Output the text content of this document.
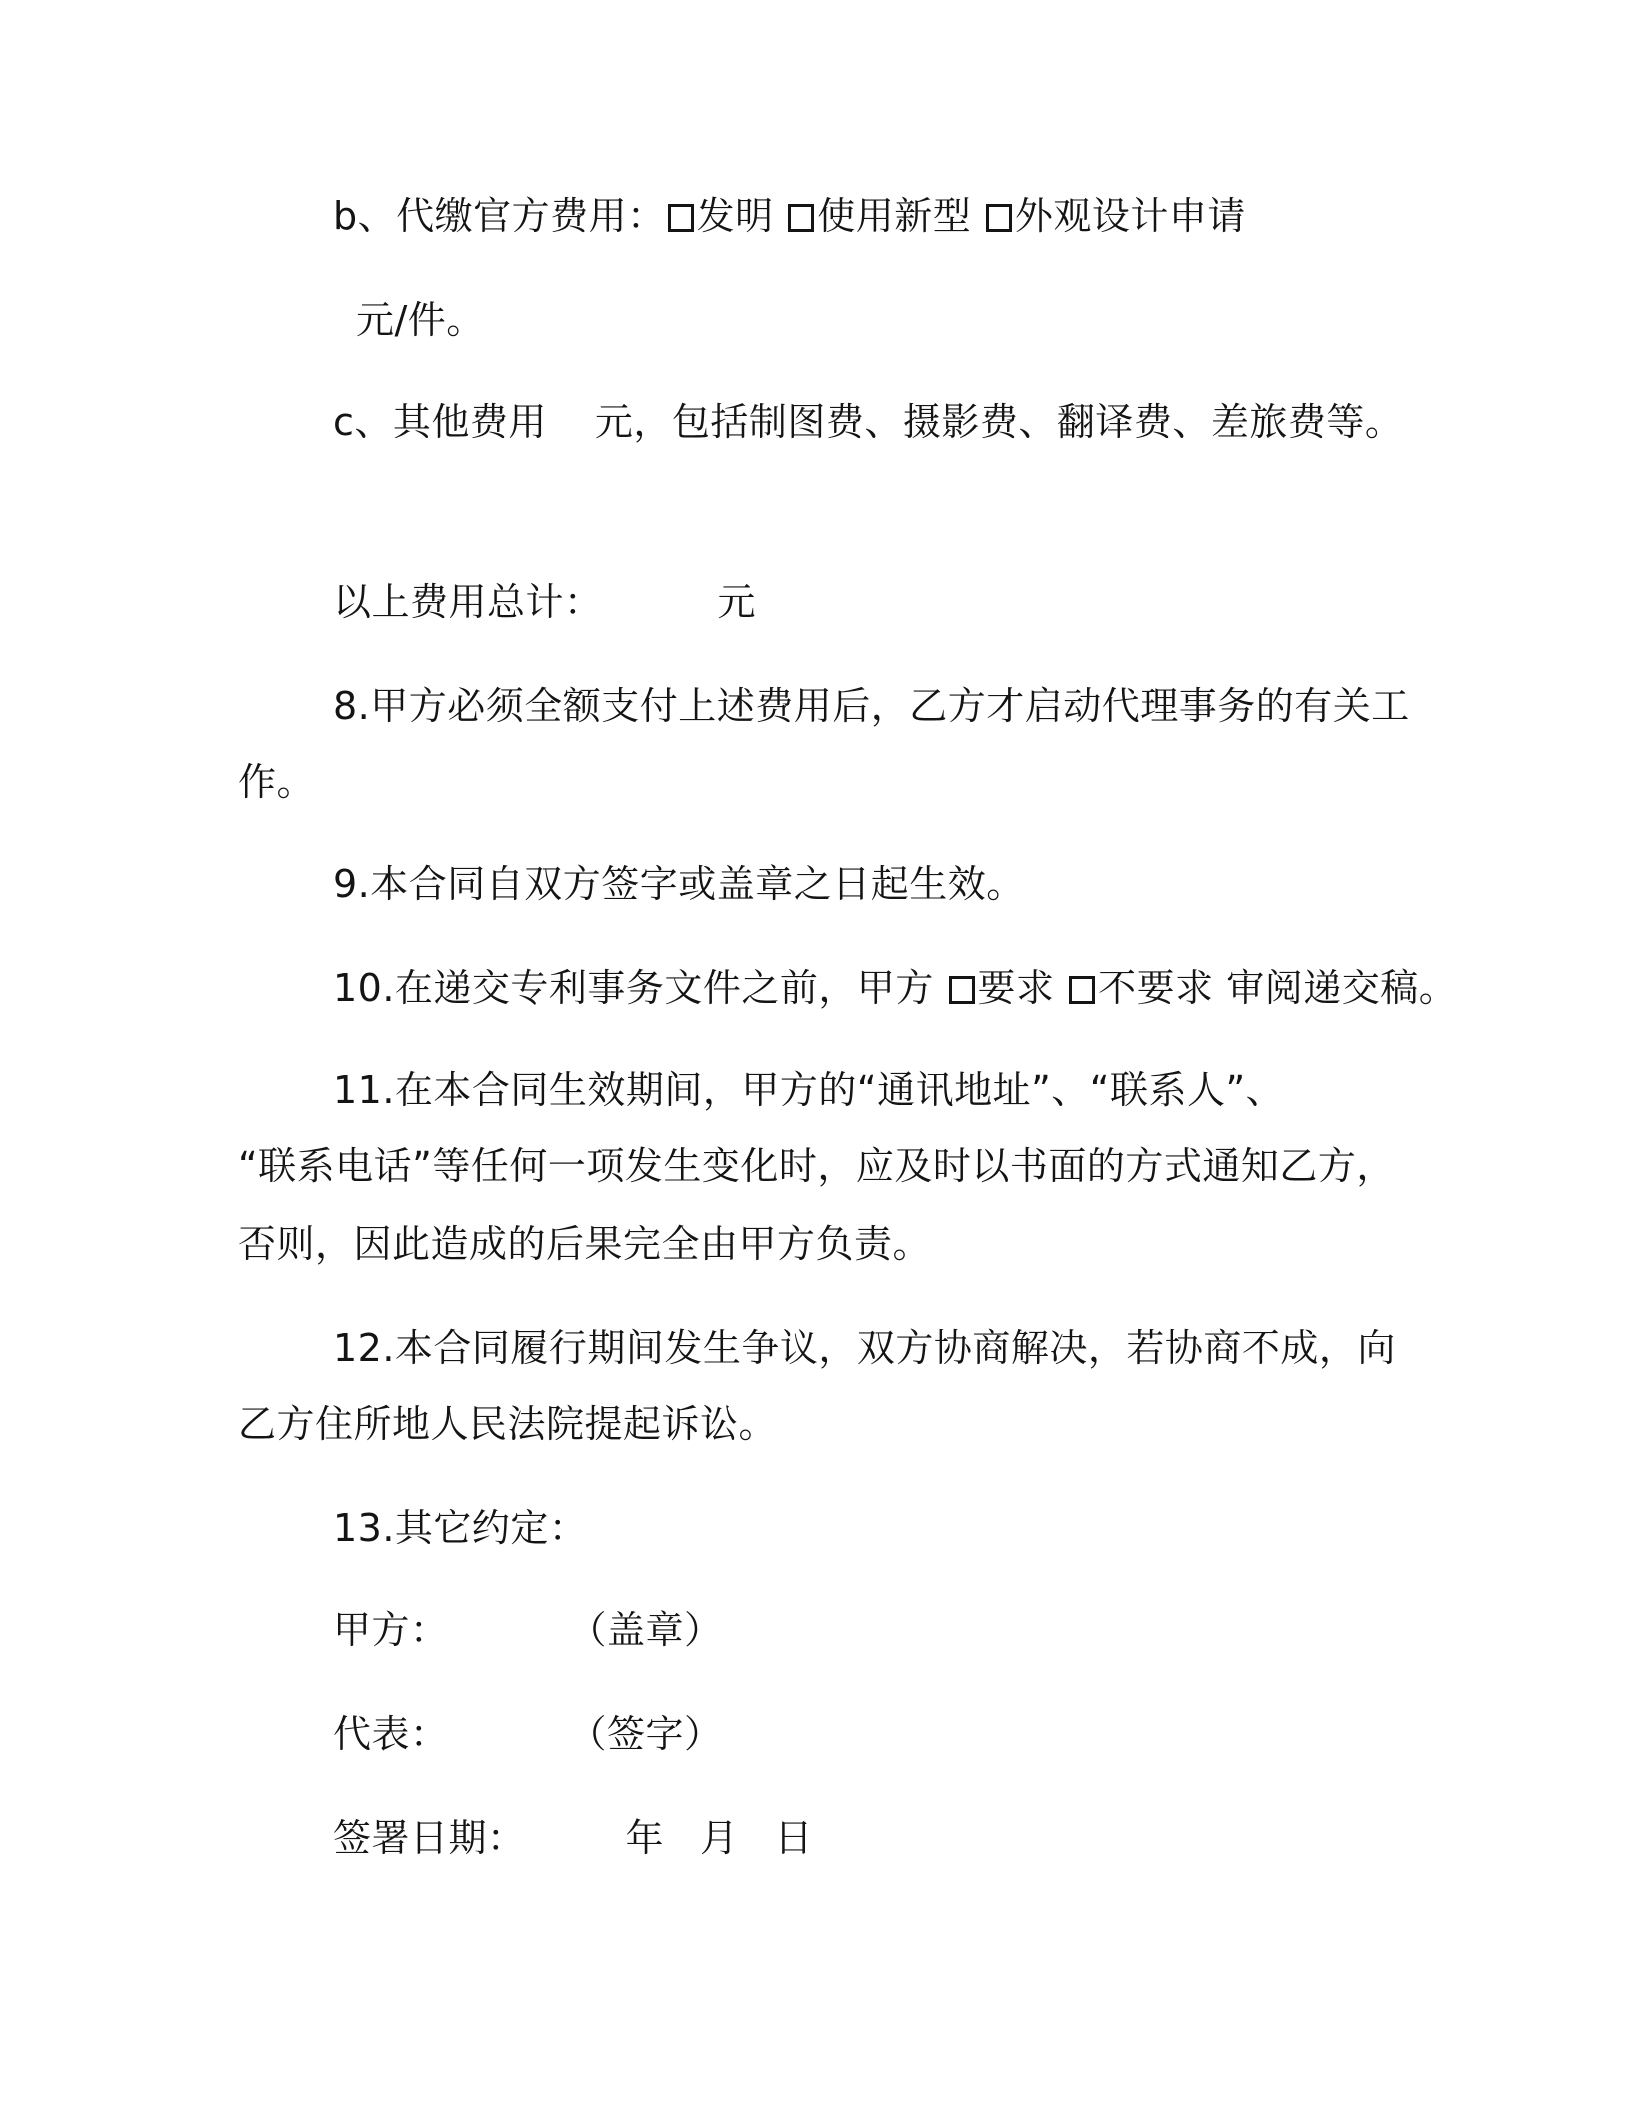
b、代缴官方费用： 发明 使用新型 外观设计申请
元/件。
c、其他费用 元，包括制图费、摄影费、翻译费、差旅费等。
以上费用总计：	元
8.甲方必须全额支付上述费用后，乙方才启动代理事务的有关工
作。
9.本合同自双方签字或盖章之日起生效。
10.在递交专利事务文件之前，甲方 要求 不要求 审阅递交稿。
11.在本合同生效期间，甲方的“通讯地址”、“联系人”、
“联系电话”等任何一项发生变化时，应及时以书面的方式通知乙方，
否则，因此造成的后果完全由甲方负责。
12.本合同履行期间发生争议，双方协商解决，若协商不成，向
乙方住所地人民法院提起诉讼。
13.其它约定：
甲方：	（盖章）
代表：	（签字）
签署日期：	年 月 日
